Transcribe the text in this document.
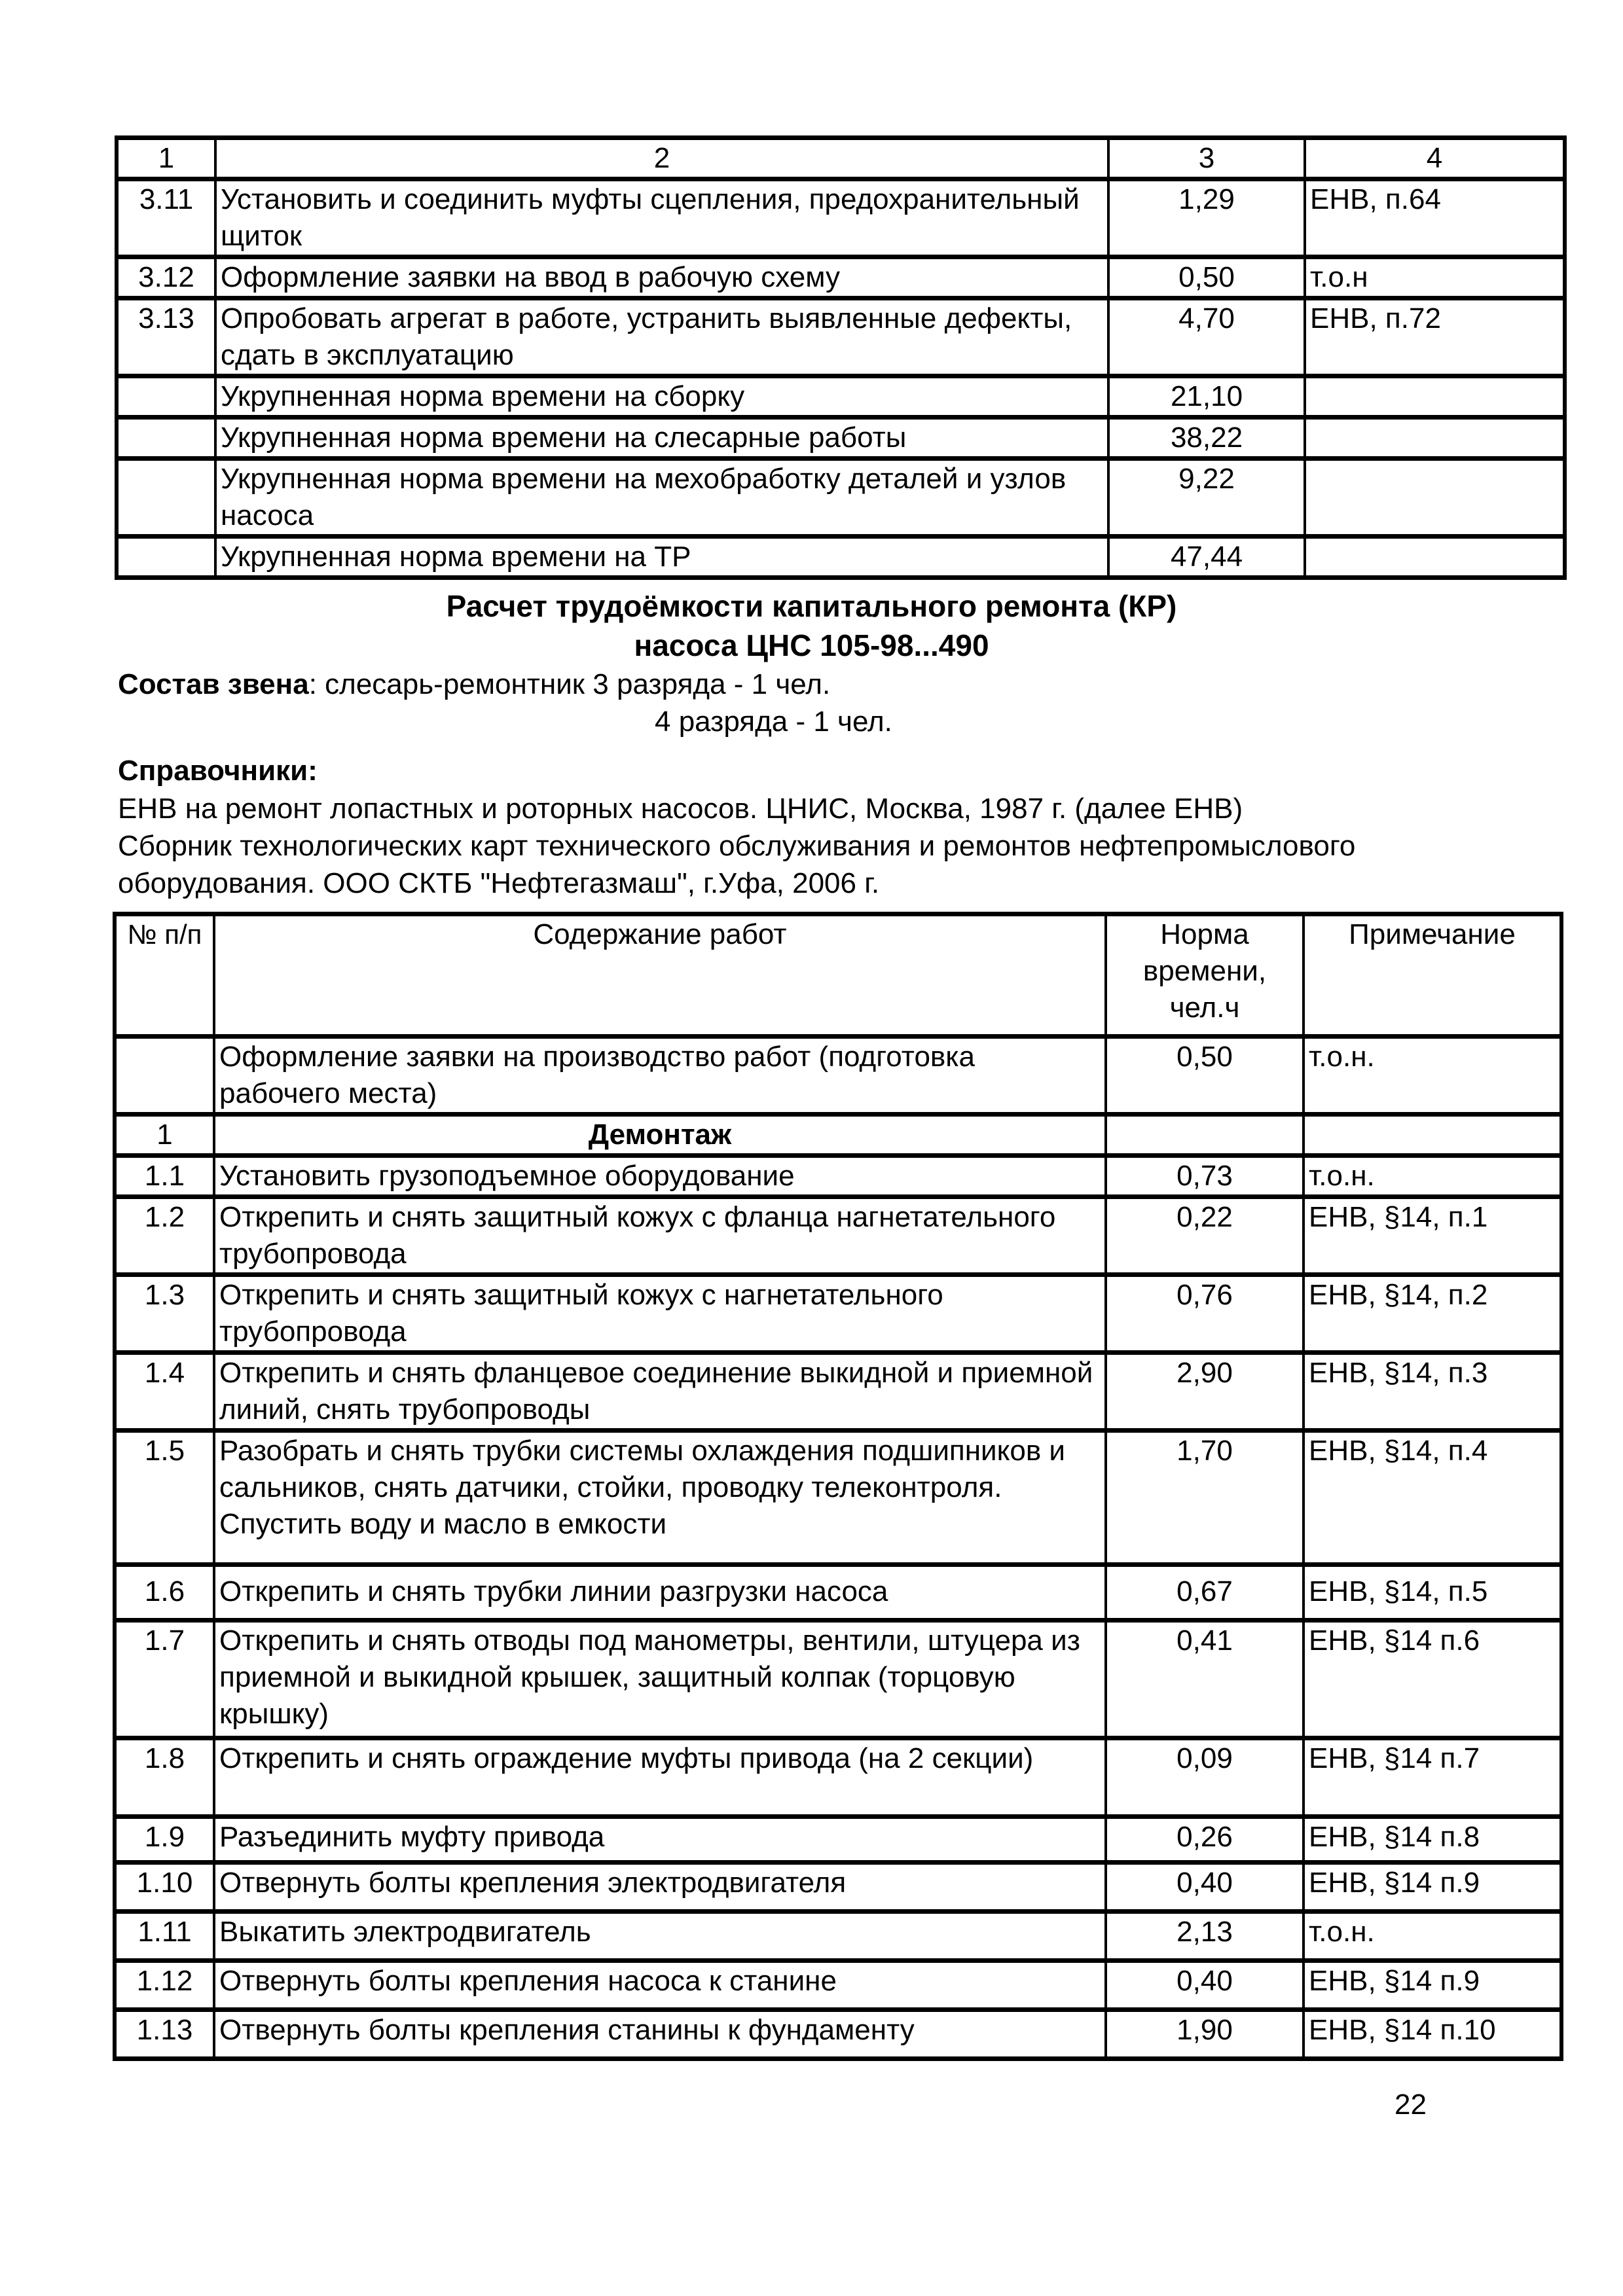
1	2	3	4
3.11	Установить и соединить муфты сцепления, предохранительный щиток	1,29	ЕНВ, п.64
3.12	Оформление заявки на ввод в рабочую схему	0,50	т.о.н
3.13	Опробовать агрегат в работе, устранить выявленные дефекты, сдать в эксплуатацию	4,70	ЕНВ, п.72
	Укрупненная норма времени на сборку	21,10	
	Укрупненная норма времени на слесарные работы	38,22	
	Укрупненная норма времени на мехобработку деталей и узлов насоса	9,22	
	Укрупненная норма времени на ТР	47,44	
Расчет трудоёмкости капитального ремонта (КР)
насоса ЦНС 105-98...490
Состав звена: слесарь-ремонтник 3 разряда - 1 чел.
4 разряда - 1 чел.
Справочники:
ЕНВ на ремонт лопастных и роторных насосов. ЦНИС, Москва, 1987 г. (далее ЕНВ)
Сборник технологических карт технического обслуживания и ремонтов нефтепромыслового
оборудования. ООО СКТБ "Нефтегазмаш", г.Уфа, 2006 г.
№ п/п	Содержание работ	Норма времени, чел.ч	Примечание
	Оформление заявки на производство работ (подготовка рабочего места)	0,50	т.о.н.
1	Демонтаж		
1.1	Установить грузоподъемное оборудование	0,73	т.о.н.
1.2	Открепить и снять защитный кожух с фланца нагнетательного трубопровода	0,22	ЕНВ, §14, п.1
1.3	Открепить и снять защитный кожух с нагнетательного трубопровода	0,76	ЕНВ, §14, п.2
1.4	Открепить и снять фланцевое соединение выкидной и приемной линий, снять трубопроводы	2,90	ЕНВ, §14, п.3
1.5	Разобрать и снять трубки системы охлаждения подшипников и сальников, снять датчики, стойки, проводку телеконтроля. Спустить воду и масло в емкости	1,70	ЕНВ, §14, п.4
1.6	Открепить и снять трубки линии разгрузки насоса	0,67	ЕНВ, §14, п.5
1.7	Открепить и снять отводы под манометры, вентили, штуцера из приемной и выкидной крышек, защитный колпак (торцовую крышку)	0,41	ЕНВ, §14 п.6
1.8	Открепить и снять ограждение муфты привода (на 2 секции)	0,09	ЕНВ, §14 п.7
1.9	Разъединить муфту привода	0,26	ЕНВ, §14 п.8
1.10	Отвернуть болты крепления электродвигателя	0,40	ЕНВ, §14 п.9
1.11	Выкатить электродвигатель	2,13	т.о.н.
1.12	Отвернуть болты крепления насоса к станине	0,40	ЕНВ, §14 п.9
1.13	Отвернуть болты крепления станины к фундаменту	1,90	ЕНВ, §14 п.10
22
